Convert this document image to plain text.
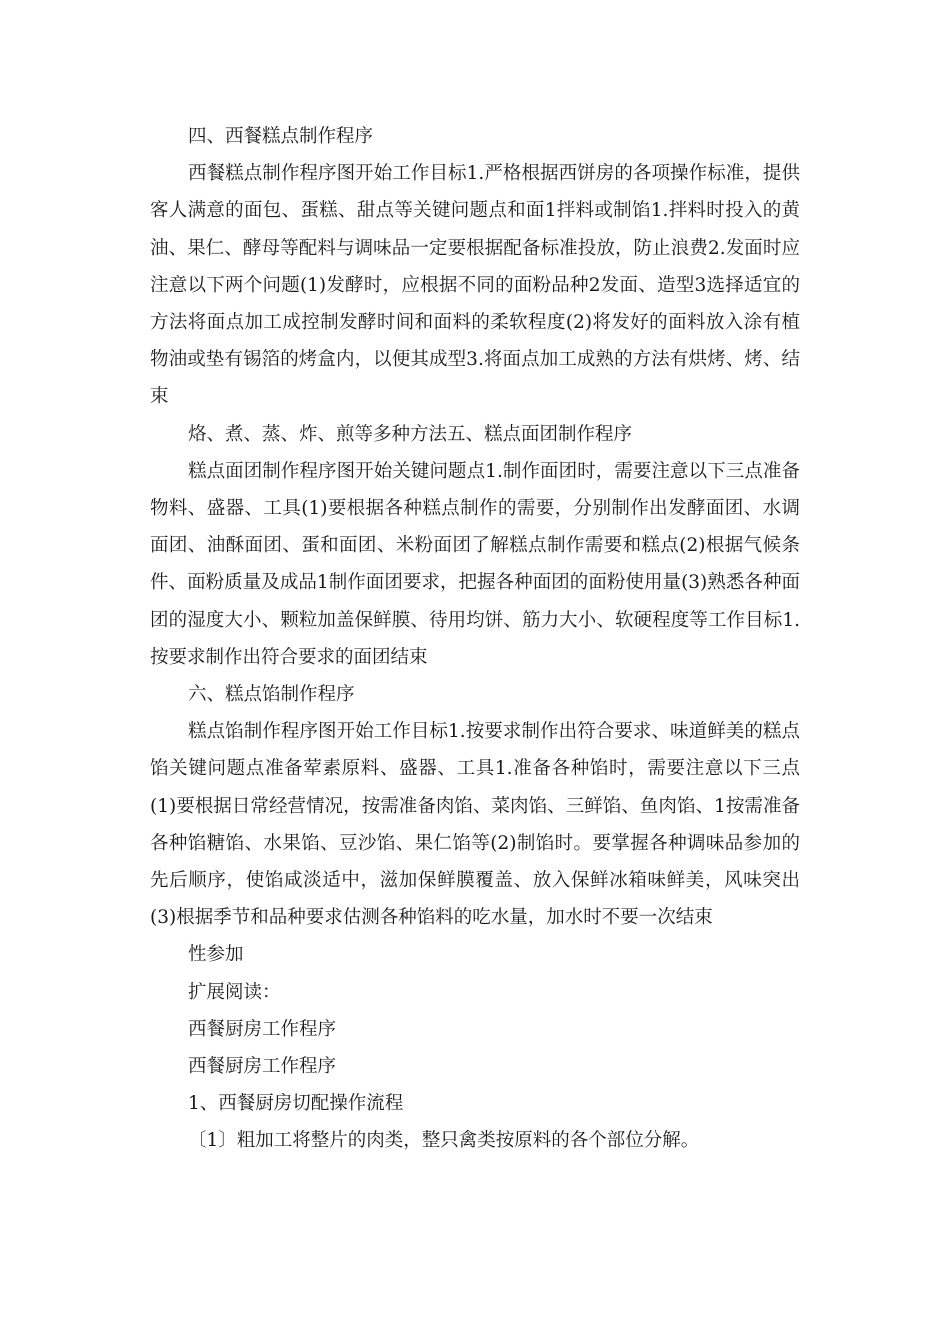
四、西餐糕点制作程序

西餐糕点制作程序图开始工作目标1.严格根据西饼房的各项操作标准，提供客人满意的面包、蛋糕、甜点等关键问题点和面1拌料或制馅1.拌料时投入的黄油、果仁、酵母等配料与调味品一定要根据配备标准投放，防止浪费2.发面时应注意以下两个问题(1)发酵时，应根据不同的面粉品种2发面、造型3选择适宜的方法将面点加工成控制发酵时间和面料的柔软程度(2)将发好的面料放入涂有植物油或垫有锡箔的烤盒内，以便其成型3.将面点加工成熟的方法有烘烤、烤、结束

烙、煮、蒸、炸、煎等多种方法五、糕点面团制作程序

糕点面团制作程序图开始关键问题点1.制作面团时，需要注意以下三点准备物料、盛器、工具(1)要根据各种糕点制作的需要，分别制作出发酵面团、水调面团、油酥面团、蛋和面团、米粉面团了解糕点制作需要和糕点(2)根据气候条件、面粉质量及成品1制作面团要求，把握各种面团的面粉使用量(3)熟悉各种面团的湿度大小、颗粒加盖保鲜膜、待用均饼、筋力大小、软硬程度等工作目标1.按要求制作出符合要求的面团结束

六、糕点馅制作程序

糕点馅制作程序图开始工作目标1.按要求制作出符合要求、味道鲜美的糕点馅关键问题点准备荤素原料、盛器、工具1.准备各种馅时，需要注意以下三点(1)要根据日常经营情况，按需准备肉馅、菜肉馅、三鲜馅、鱼肉馅、1按需准备各种馅糖馅、水果馅、豆沙馅、果仁馅等(2)制馅时。要掌握各种调味品参加的先后顺序，使馅咸淡适中，滋加保鲜膜覆盖、放入保鲜冰箱味鲜美，风味突出(3)根据季节和品种要求估测各种馅料的吃水量，加水时不要一次结束

性参加

扩展阅读：

西餐厨房工作程序

西餐厨房工作程序

1、西餐厨房切配操作流程

〔1〕粗加工将整片的肉类，整只禽类按原料的各个部位分解。
